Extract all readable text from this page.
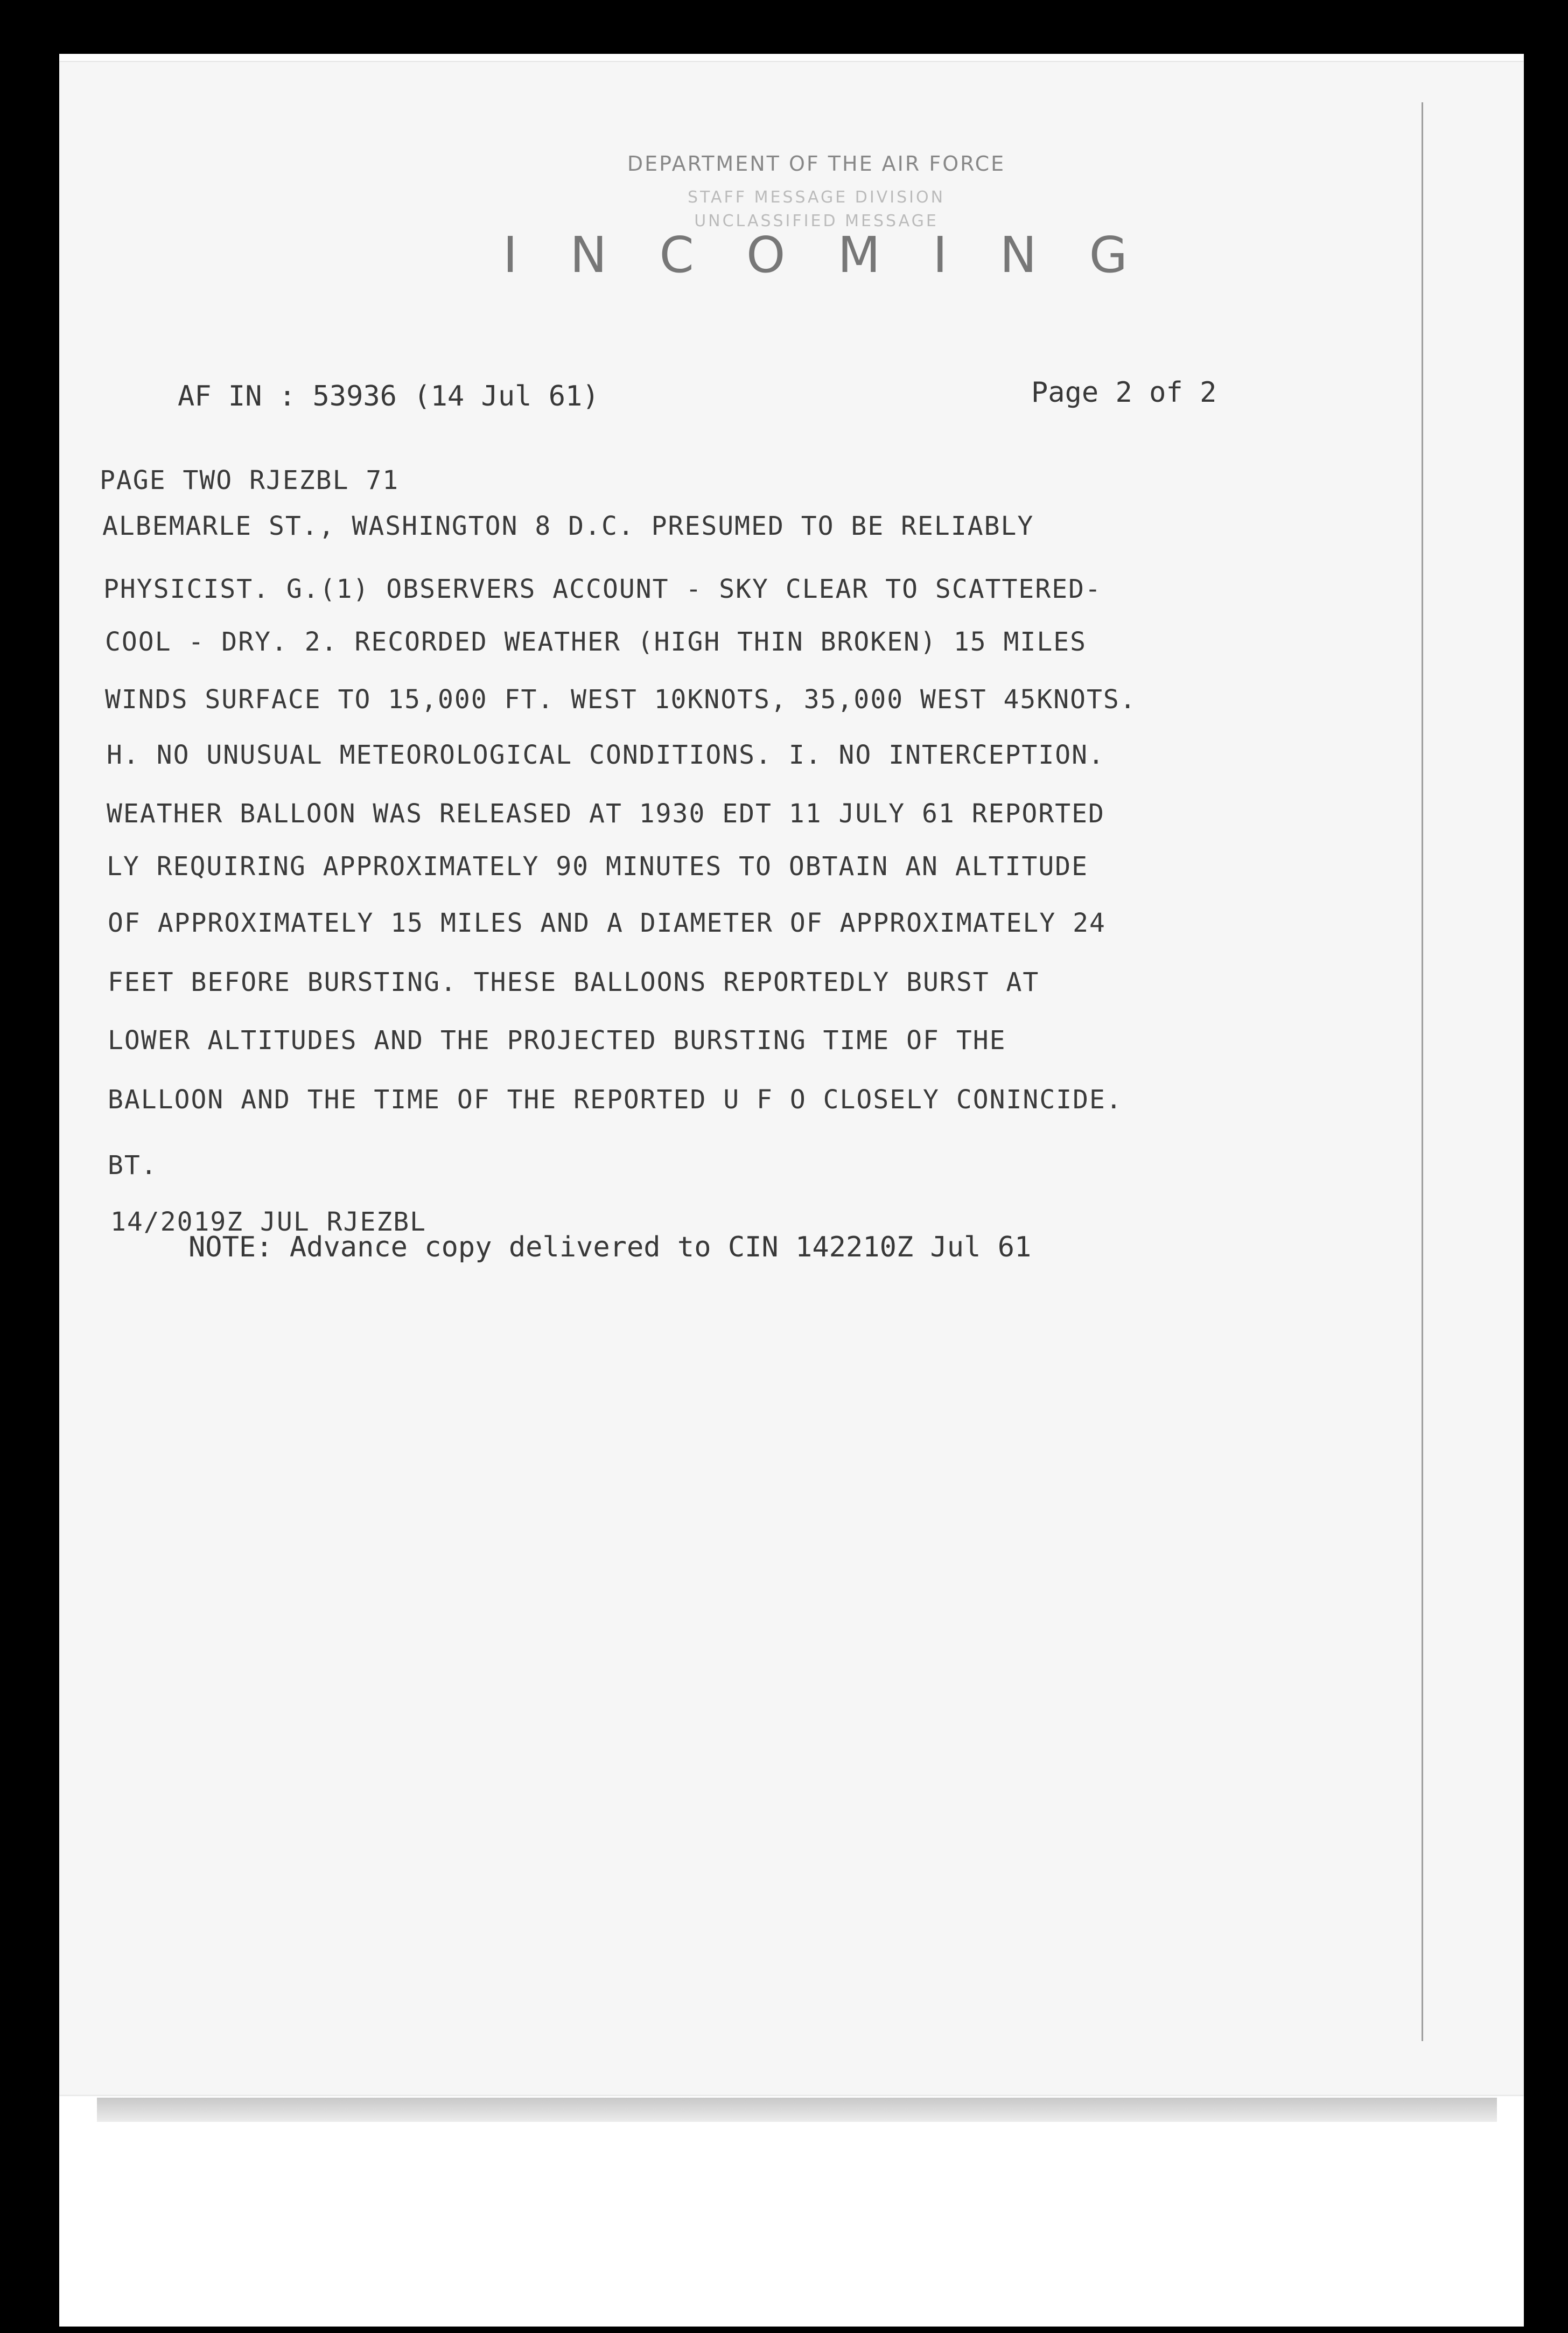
DEPARTMENT OF THE AIR FORCE
STAFF MESSAGE DIVISION
UNCLASSIFIED MESSAGE
I N C O M I N G
AF IN : 53936 (14 Jul 61)	Page 2 of 2
PAGE TWO RJEZBL 71
ALBEMARLE ST., WASHINGTON 8 D.C. PRESUMED TO BE RELIABLY
PHYSICIST. G.(1) OBSERVERS ACCOUNT - SKY CLEAR TO SCATTERED-
COOL - DRY. 2. RECORDED WEATHER (HIGH THIN BROKEN) 15 MILES
WINDS SURFACE TO 15,000 FT. WEST 10KNOTS, 35,000 WEST 45KNOTS.
H. NO UNUSUAL METEOROLOGICAL CONDITIONS. I. NO INTERCEPTION.
WEATHER BALLOON WAS RELEASED AT 1930 EDT 11 JULY 61 REPORTED
LY REQUIRING APPROXIMATELY 90 MINUTES TO OBTAIN AN ALTITUDE
OF APPROXIMATELY 15 MILES AND A DIAMETER OF APPROXIMATELY 24
FEET BEFORE BURSTING. THESE BALLOONS REPORTEDLY BURST AT
LOWER ALTITUDES AND THE PROJECTED BURSTING TIME OF THE
BALLOON AND THE TIME OF THE REPORTED U F O CLOSELY CONINCIDE.
BT.
14/2019Z JUL RJEZBL
NOTE: Advance copy delivered to CIN 142210Z Jul 61
